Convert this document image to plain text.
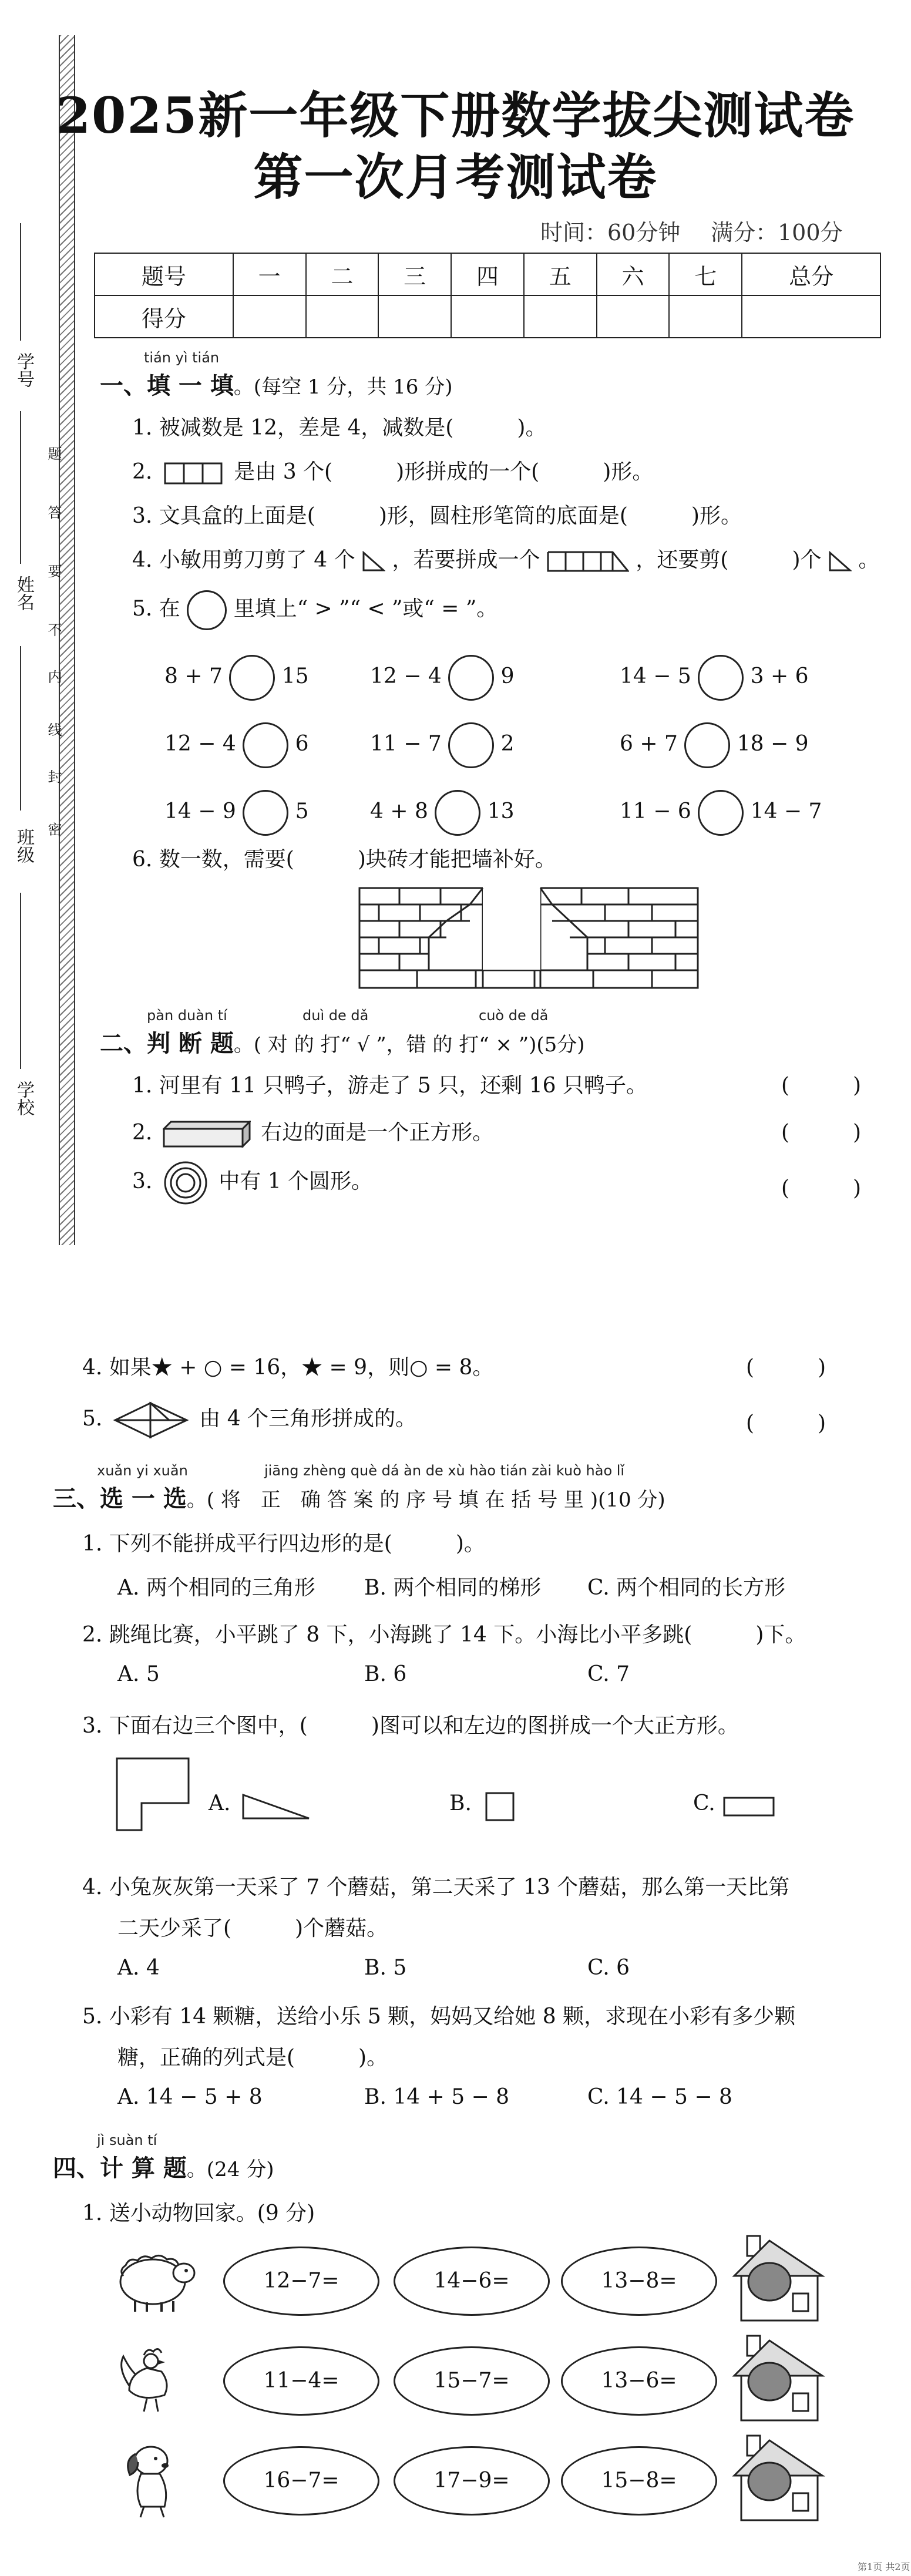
学号
姓名
班级
学校
题
答
要
不
内
线
封
密
2025新一年级下册数学拔尖测试卷
第一次月考测试卷
时间：60分钟 满分：100分
题号	一	二	三	四	五	六	七	总分
得分								
tián yì tián
一、填 一 填。(每空 1 分，共 16 分)
1. 被减数是 12，差是 4，减数是(　　　)。
2.	是由 3 个(　　　)形拼成的一个(　　　)形。
3. 文具盒的上面是(　　　)形，圆柱形笔筒的底面是(　　　)形。
4. 小敏用剪刀剪了 4 个 ，若要拼成一个	，还要剪(　　　)个 。
5. 在	里填上“ > ”“ < ”或“ = ”。
8 + 7	15	12 − 4	9	14 − 5	3 + 6
12 − 4	6	11 − 7	2	6 + 7	18 − 9
14 − 9	5	4 + 8	13	11 − 6	14 − 7
6. 数一数，需要(　　　)块砖才能把墙补好。
pàn duàn tí	duì de dǎ	cuò de dǎ
二、判 断 题。( 对 的 打“ √ ”，错 的 打“ × ”)(5分)
1. 河里有 11 只鸭子，游走了 5 只，还剩 16 只鸭子。	(　　　)
2.	右边的面是一个正方形。	(　　　)
3.	中有 1 个圆形。	(　　　)
4. 如果★ + ○ = 16，★ = 9，则○ = 8。	(　　　)
5.	由 4 个三角形拼成的。	(　　　)
xuǎn yi xuǎn	jiāng zhèng què dá àn de xù hào tián zài kuò hào lǐ
三、选 一 选。( 将　正　确 答 案 的 序 号 填 在 括 号 里 )(10 分)
1. 下列不能拼成平行四边形的是(　　　)。
A. 两个相同的三角形 B. 两个相同的梯形 C. 两个相同的长方形
2. 跳绳比赛，小平跳了 8 下，小海跳了 14 下。小海比小平多跳(　　　)下。
A. 5	B. 6	C. 7
3. 下面右边三个图中，(　　　)图可以和左边的图拼成一个大正方形。
A.	B.	C.
4. 小兔灰灰第一天采了 7 个蘑菇，第二天采了 13 个蘑菇，那么第一天比第
二天少采了(　　　)个蘑菇。
A. 4	B. 5	C. 6
5. 小彩有 14 颗糖，送给小乐 5 颗，妈妈又给她 8 颗，求现在小彩有多少颗
糖，正确的列式是(　　　)。
A. 14 − 5 + 8	B. 14 + 5 − 8	C. 14 − 5 − 8
jì suàn tí
四、计 算 题。(24 分)
1. 送小动物回家。(9 分)
12−7=	14−6=	13−8=
11−4=	15−7=	13−6=
16−7=	17−9=	15−8=
第1页 共2页
